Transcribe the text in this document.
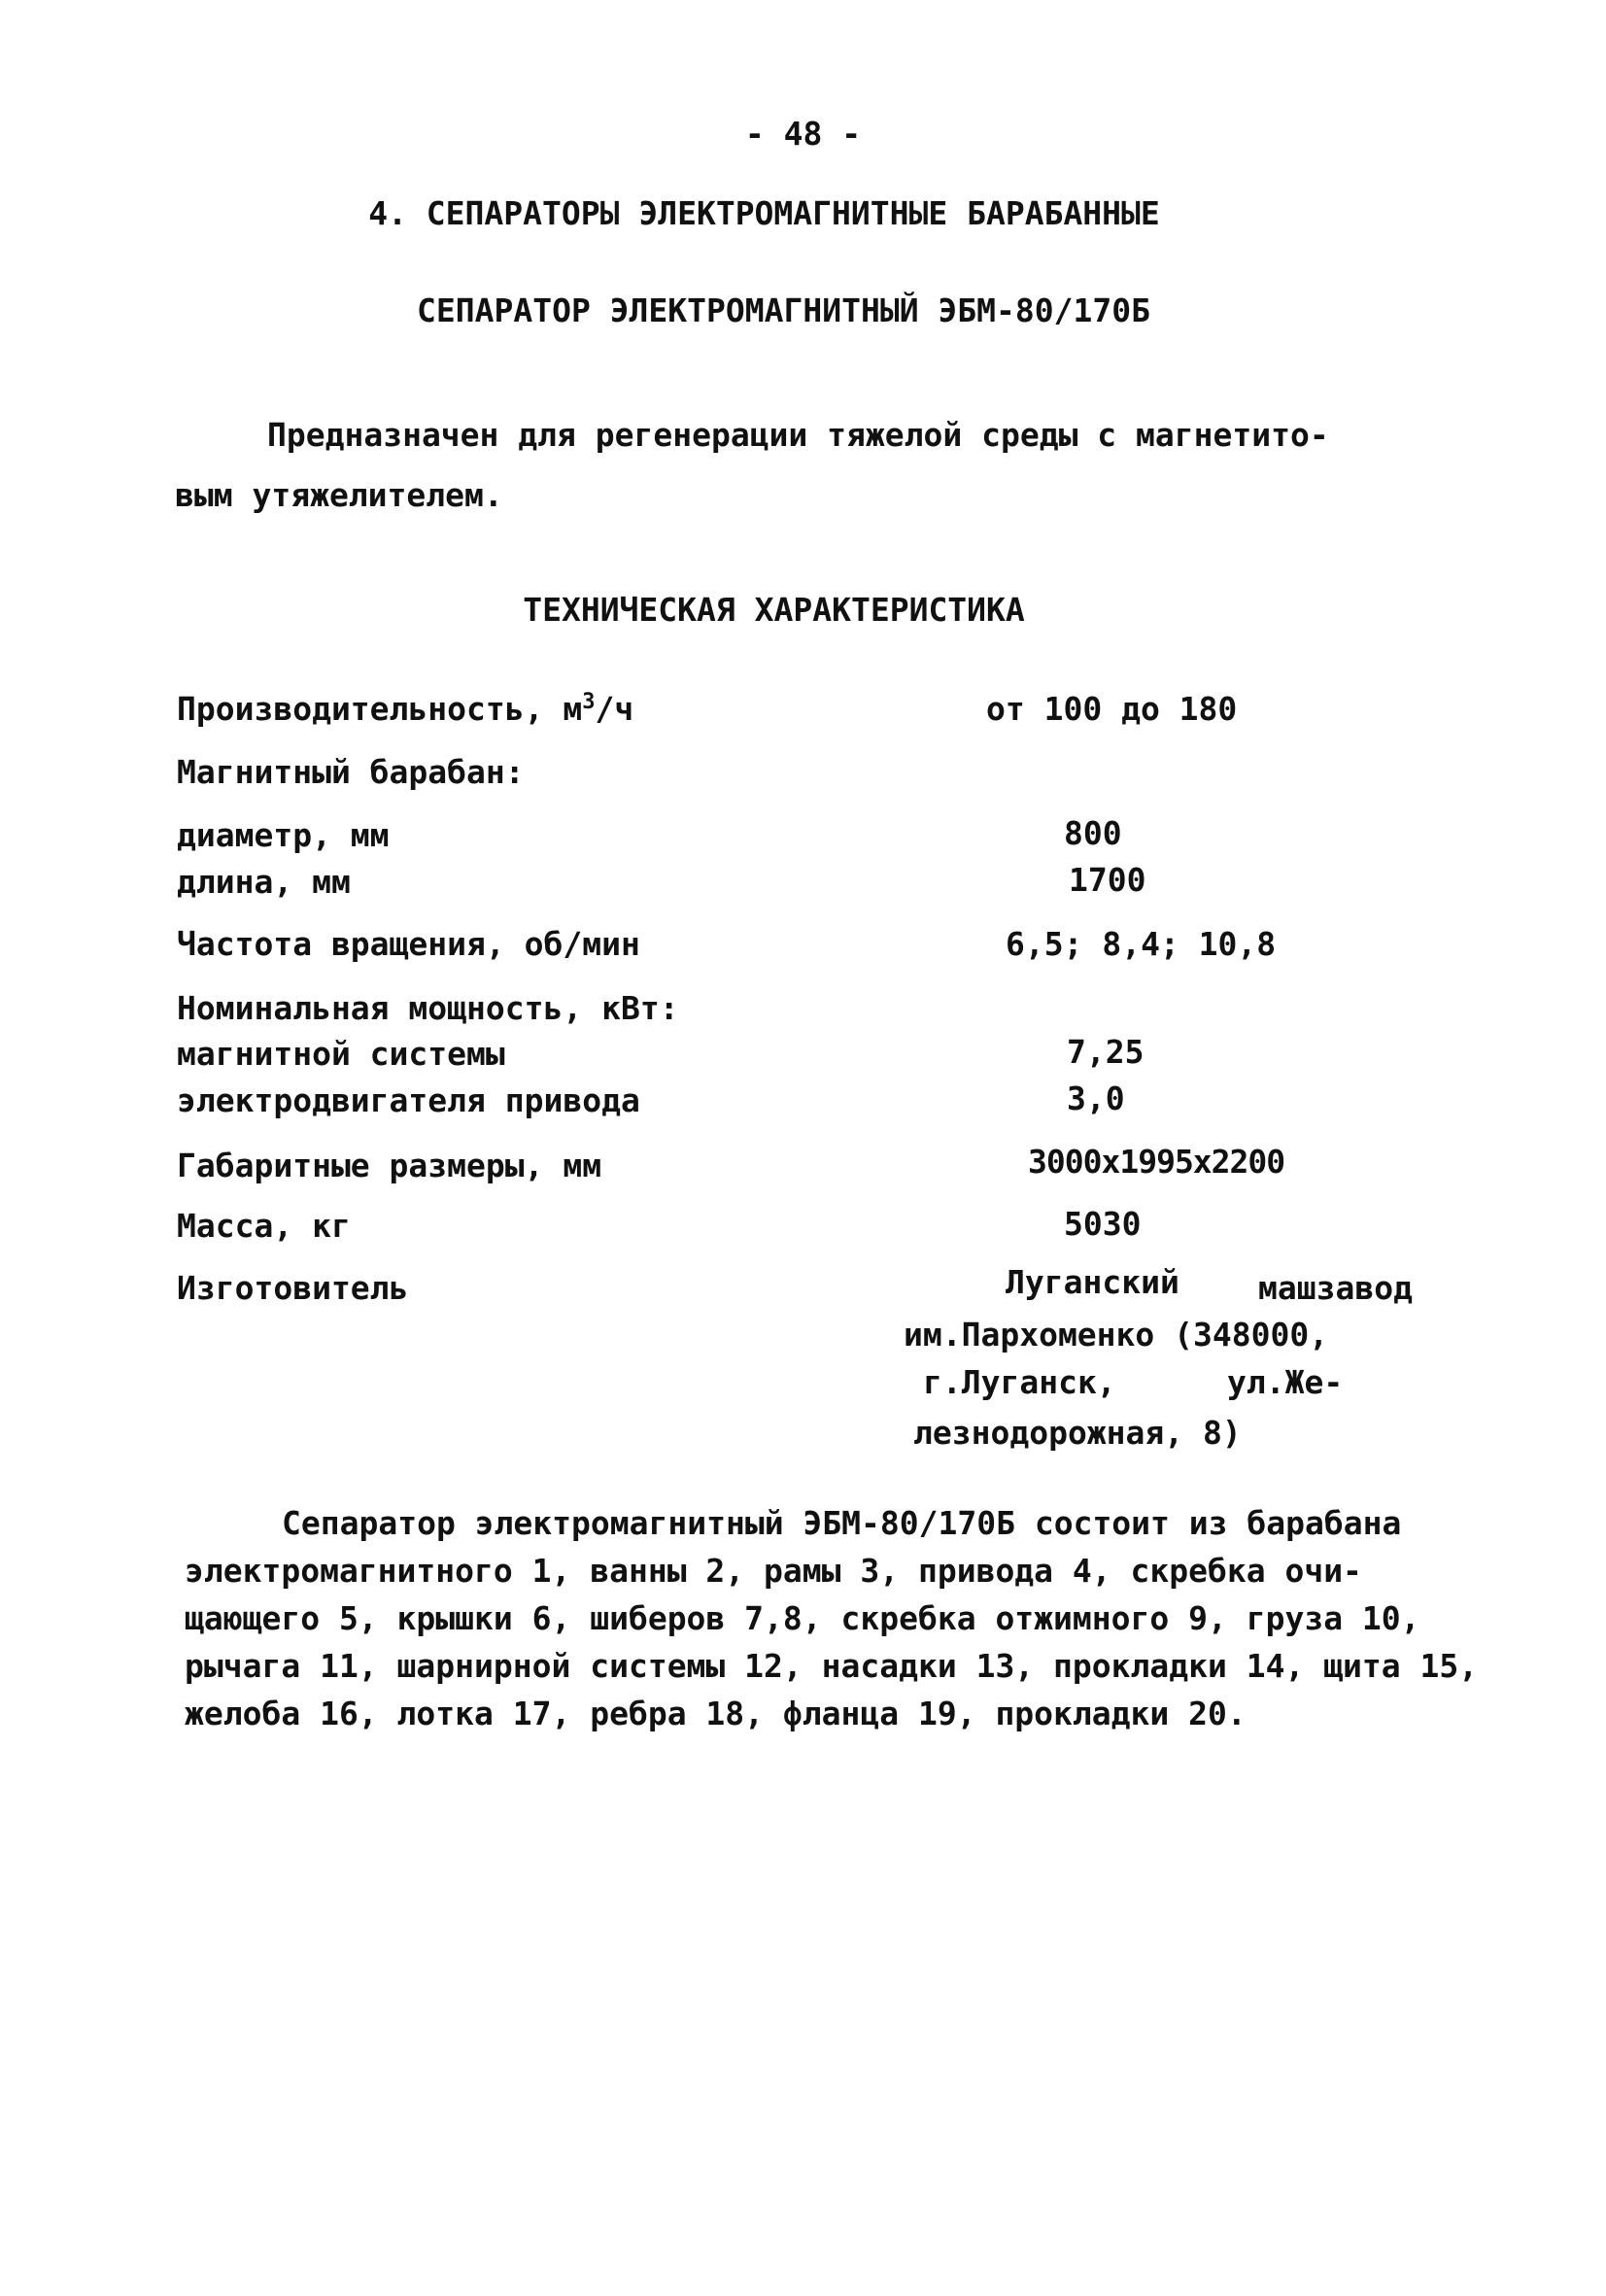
- 48 -
4. СЕПАРАТОРЫ ЭЛЕКТРОМАГНИТНЫЕ БАРАБАННЫЕ
СЕПАРАТОР ЭЛЕКТРОМАГНИТНЫЙ ЭБМ-80/170Б
Предназначен для регенерации тяжелой среды с магнетито-
вым утяжелителем.
ТЕХНИЧЕСКАЯ ХАРАКТЕРИСТИКА
Производительность, $м^3/ч$	от 100 до 180
Магнитный барабан:
диаметр, мм	800
длина, мм	1700
Частота вращения, об/мин	6,5; 8,4; 10,8
Номинальная мощность, кВт:
магнитной системы	7,25
электродвигателя привода	3,0
Габаритные размеры, мм	3000x1995x2200
Масса, кг	5030
Изготовитель	Луганский машзавод
им.Пархоменко (348000,
г.Луганск,	ул.Же-
лезнодорожная, 8)
Сепаратор электромагнитный ЭБМ-80/170Б состоит из барабана
электромагнитного 1, ванны 2, рамы 3, привода 4, скребка очи-
щающего 5, крышки 6, шиберов 7,8, скребка отжимного 9, груза 10,
рычага 11, шарнирной системы 12, насадки 13, прокладки 14, щита 15,
желоба 16, лотка 17, ребра 18, фланца 19, прокладки 20.
